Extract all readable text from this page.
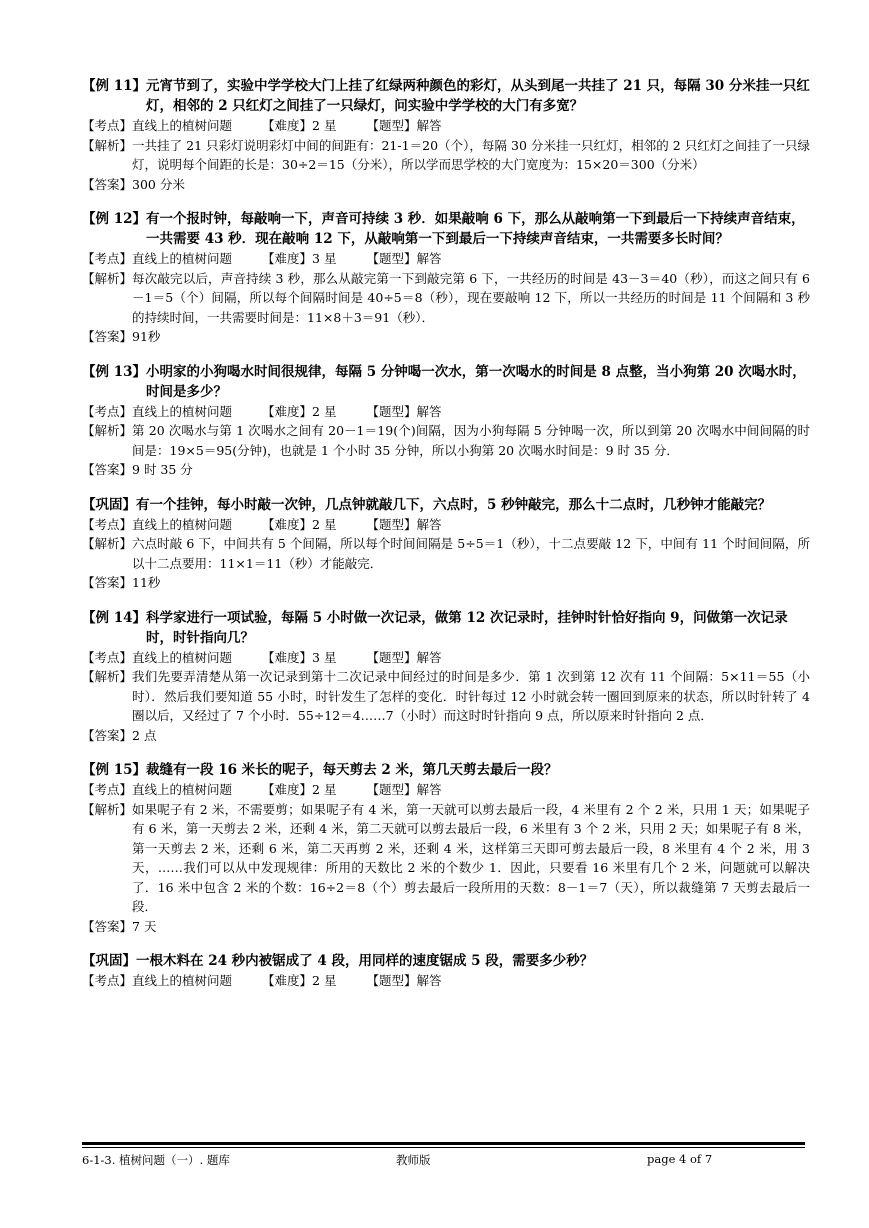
【例 11】 元宵节到了，实验中学学校大门上挂了红绿两种颜色的彩灯，从头到尾一共挂了 21 只，每隔 30 分米挂一只红灯，相邻的 2 只红灯之间挂了一只绿灯，问实验中学学校的大门有多宽？
【考点】 直线上的植树问题 【难度】 2 星 【题型】 解答
【解析】 一共挂了 21 只彩灯说明彩灯中间的间距有：21-1＝20（个），每隔 30 分米挂一只红灯，相邻的 2 只红灯之间挂了一只绿灯，说明每个间距的长是：30÷2＝15（分米），所以学而思学校的大门宽度为：15×20＝300（分米）
【答案】 300 分米
【例 12】 有一个报时钟，每敲响一下，声音可持续 3 秒．如果敲响 6 下，那么从敲响第一下到最后一下持续声音结束，一共需要 43 秒．现在敲响 12 下，从敲响第一下到最后一下持续声音结束，一共需要多长时间？
【考点】 直线上的植树问题 【难度】 3 星 【题型】 解答
【解析】 每次敲完以后，声音持续 3 秒，那么从敲完第一下到敲完第 6 下，一共经历的时间是 43－3＝40（秒），而这之间只有 6－1＝5（个）间隔，所以每个间隔时间是 40÷5＝8（秒），现在要敲响 12 下，所以一共经历的时间是 11 个间隔和 3 秒的持续时间，一共需要时间是：11×8＋3＝91（秒）．
【答案】 91秒
【例 13】 小明家的小狗喝水时间很规律，每隔 5 分钟喝一次水，第一次喝水的时间是 8 点整，当小狗第 20 次喝水时，时间是多少？
【考点】 直线上的植树问题 【难度】 2 星 【题型】 解答
【解析】 第 20 次喝水与第 1 次喝水之间有 20－1＝19(个)间隔，因为小狗每隔 5 分钟喝一次，所以到第 20 次喝水中间间隔的时间是：19×5＝95(分钟)，也就是 1 个小时 35 分钟，所以小狗第 20 次喝水时间是：9 时 35 分．
【答案】 9 时 35 分
【巩固】 有一个挂钟，每小时敲一次钟，几点钟就敲几下，六点时，5 秒钟敲完，那么十二点时，几秒钟才能敲完？
【考点】 直线上的植树问题 【难度】 2 星 【题型】 解答
【解析】 六点时敲 6 下，中间共有 5 个间隔，所以每个时间间隔是 5÷5＝1（秒），十二点要敲 12 下，中间有 11 个时间间隔，所以十二点要用：11×1＝11（秒）才能敲完．
【答案】 11秒
【例 14】 科学家进行一项试验，每隔 5 小时做一次记录，做第 12 次记录时，挂钟时针恰好指向 9，问做第一次记录时，时针指向几？
【考点】 直线上的植树问题 【难度】 3 星 【题型】 解答
【解析】 我们先要弄清楚从第一次记录到第十二次记录中间经过的时间是多少．第 1 次到第 12 次有 11 个间隔：5×11＝55（小时）．然后我们要知道 55 小时，时针发生了怎样的变化．时针每过 12 小时就会转一圈回到原来的状态，所以时针转了 4 圈以后，又经过了 7 个小时．55÷12＝4……7（小时）而这时时针指向 9 点，所以原来时针指向 2 点．
【答案】 2 点
【例 15】 裁缝有一段 16 米长的呢子，每天剪去 2 米，第几天剪去最后一段？
【考点】 直线上的植树问题 【难度】 2 星 【题型】 解答
【解析】 如果呢子有 2 米，不需要剪；如果呢子有 4 米，第一天就可以剪去最后一段，4 米里有 2 个 2 米，只用 1 天；如果呢子有 6 米，第一天剪去 2 米，还剩 4 米，第二天就可以剪去最后一段，6 米里有 3 个 2 米，只用 2 天；如果呢子有 8 米，第一天剪去 2 米，还剩 6 米，第二天再剪 2 米，还剩 4 米，这样第三天即可剪去最后一段，8 米里有 4 个 2 米，用 3 天，……我们可以从中发现规律：所用的天数比 2 米的个数少 1．因此，只要看 16 米里有几个 2 米，问题就可以解决了．16 米中包含 2 米的个数：16÷2＝8（个）剪去最后一段所用的天数：8－1＝7（天），所以裁缝第 7 天剪去最后一段．
【答案】 7 天
【巩固】 一根木料在 24 秒内被锯成了 4 段，用同样的速度锯成 5 段，需要多少秒？
【考点】 直线上的植树问题 【难度】 2 星 【题型】 解答
6-1-3. 植树问题（一）. 题库	教师版	page 4 of 7
